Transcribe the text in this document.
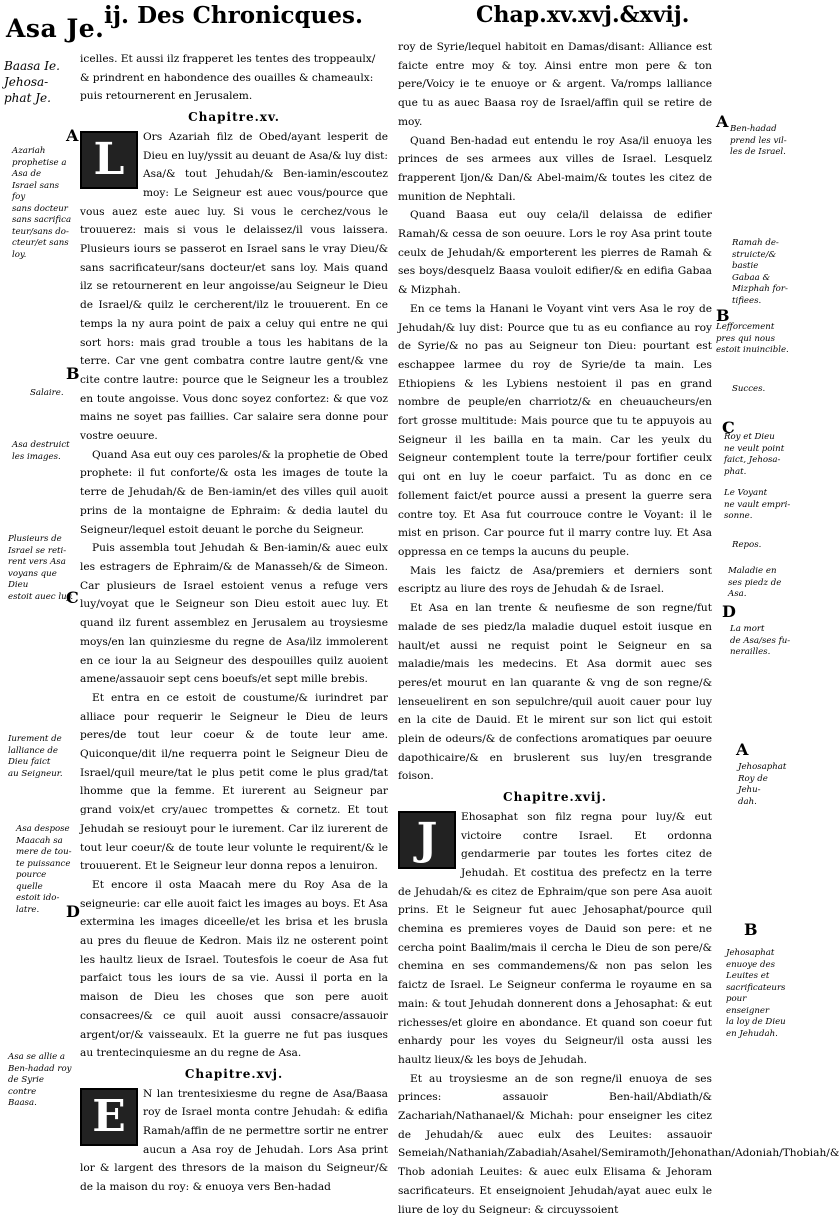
Asa Je. ij. Des Chronicques.	Chap.xv.xvj.&xvij.
Baasa Ie.
Jehosa-
phat Je.
icelles. Et aussi ilz frapperet les tentes des troppeaulx/
& prindrent en habondence des ouailles & chameaulx:
puis retournerent en Jerusalem.
Chapitre.xv.
L	Ors Azariah filz de Obed/ayant lesperit de Dieu en luy/yssit au deuant de Asa/& luy dist: Asa/& tout Jehudah/& Ben-iamin/escoutez moy: Le Seigneur est auec vous/pource que vous auez este auec luy. Si vous le cerchez/vous le trouuerez: mais si vous le delaissez/il vous laissera. Plusieurs iours se passerot en Israel sans le vray Dieu/& sans sacrificateur/sans docteur/et sans loy. Mais quand ilz se retournerent en leur angoisse/au Seigneur le Dieu de Israel/& quilz le cercherent/ilz le trouuerent. En ce temps la ny aura point de paix a celuy qui entre ne qui sort hors: mais grad trouble a tous les habitans de la terre. Car vne gent combatra contre lautre gent/& vne cite contre lautre: pource que le Seigneur les a troublez en toute angoisse. Vous donc soyez confortez: & que voz mains ne soyet pas faillies. Car salaire sera donne pour vostre oeuure.

Quand Asa eut ouy ces paroles/& la prophetie de Obed prophete: il fut conforte/& osta les images de toute la terre de Jehudah/& de Ben-iamin/et des villes quil auoit prins de la montaigne de Ephraim: & dedia lautel du Seigneur/lequel estoit deuant le porche du Seigneur.

Puis assembla tout Jehudah & Ben-iamin/& auec eulx les estragers de Ephraim/& de Manasseh/& de Simeon. Car plusieurs de Israel estoient venus a refuge vers luy/voyat que le Seigneur son Dieu estoit auec luy. Et quand ilz furent assemblez en Jerusalem au troysiesme moys/en lan quinziesme du regne de Asa/ilz immolerent en ce iour la au Seigneur des despouilles quilz auoient amene/assauoir sept cens boeufs/et sept mille brebis.

Et entra en ce estoit de coustume/& iurindret par alliace pour requerir le Seigneur le Dieu de leurs peres/de tout leur coeur & de toute leur ame. Quiconque/dit il/ne requerra point le Seigneur Dieu de Israel/quil meure/tat le plus petit come le plus grad/tat lhomme que la femme. Et iurerent au Seigneur par grand voix/et cry/auec trompettes & cornetz. Et tout Jehudah se resiouyt pour le iurement. Car ilz iurerent de tout leur coeur/& de toute leur volunte le requirent/& le trouuerent. Et le Seigneur leur donna repos a lenuiron.

Et encore il osta Maacah mere du Roy Asa de la seigneurie: car elle auoit faict les images au boys. Et Asa extermina les images diceelle/et les brisa et les brusla au pres du fleuue de Kedron. Mais ilz ne osterent point les haultz lieux de Israel. Toutesfois le coeur de Asa fut parfaict tous les iours de sa vie. Aussi il porta en la maison de Dieu les choses que son pere auoit consacrees/& ce quil auoit aussi consacre/assauoir argent/or/& vaisseaulx. Et la guerre ne fut pas iusques au trentecinquiesme an du regne de Asa.

Chapitre.xvj.
E	N lan trentesixiesme du regne de Asa/Baasa roy de Israel monta contre Jehudah: & edifia Ramah/affin de ne permettre sortir ne entrer aucun a Asa roy de Jehudah. Lors Asa print lor & largent des thresors de la maison du Seigneur/& de la maison du roy: & enuoya vers Ben-hadad

roy de Syrie/lequel habitoit en Damas/disant: Alliance est faicte entre moy & toy. Ainsi entre mon pere & ton pere/Voicy ie te enuoye or & argent. Va/romps lalliance que tu as auec Baasa roy de Israel/affin quil se retire de moy.

Quand Ben-hadad eut entendu le roy Asa/il enuoya les princes de ses armees aux villes de Israel. Lesquelz frapperent Ijon/& Dan/& Abel-maim/& toutes les citez de munition de Nephtali.

Quand Baasa eut ouy cela/il delaissa de edifier Ramah/& cessa de son oeuure. Lors le roy Asa print toute ceulx de Jehudah/& emporterent les pierres de Ramah & ses boys/desquelz Baasa vouloit edifier/& en edifia Gabaa & Mizphah.

En ce tems la Hanani le Voyant vint vers Asa le roy de Jehudah/& luy dist: Pource que tu as eu confiance au roy de Syrie/& no pas au Seigneur ton Dieu: pourtant est eschappee larmee du roy de Syrie/de ta main. Les Ethiopiens & les Lybiens nestoient il pas en grand nombre de peuple/en charriotz/& en cheuaucheurs/en fort grosse multitude: Mais pource que tu te appuyois au Seigneur il les bailla en ta main. Car les yeulx du Seigneur contemplent toute la terre/pour fortifier ceulx qui ont en luy le coeur parfaict. Tu as donc en ce follement faict/et pource aussi a present la guerre sera contre toy. Et Asa fut courrouce contre le Voyant: il le mist en prison. Car pource fut il marry contre luy. Et Asa oppressa en ce temps la aucuns du peuple.

Mais les faictz de Asa/premiers et derniers sont escriptz au liure des roys de Jehudah & de Israel.

Et Asa en lan trente & neufiesme de son regne/fut malade de ses piedz/la maladie duquel estoit iusque en hault/et aussi ne requist point le Seigneur en sa maladie/mais les medecins. Et Asa dormit auec ses peres/et mourut en lan quarante & vng de son regne/& lenseuelirent en son sepulchre/quil auoit cauer pour luy en la cite de Dauid. Et le mirent sur son lict qui estoit plein de odeurs/& de confections aromatiques par oeuure dapothicaire/& en bruslerent sus luy/en tresgrande foison.

Chapitre.xvij.
J	Ehosaphat son filz regna pour luy/& eut victoire contre Israel. Et ordonna gendarmerie par toutes les fortes citez de Jehudah. Et costitua des prefectz en la terre de Jehudah/& es citez de Ephraim/que son pere Asa auoit prins. Et le Seigneur fut auec Jehosaphat/pource quil chemina es premieres voyes de Dauid son pere: et ne cercha point Baalim/mais il cercha le Dieu de son pere/& chemina en ses commandemens/& non pas selon les faictz de Israel. Le Seigneur conferma le royaume en sa main: & tout Jehudah donnerent dons a Jehosaphat: & eut richesses/et gloire en abondance. Et quand son coeur fut enhardy pour les voyes du Seigneur/il osta aussi les haultz lieux/& les boys de Jehudah.

Et au troysiesme an de son regne/il enuoya de ses princes: assauoir Ben-hail/Abdiath/& Zachariah/Nathanael/& Michah: pour enseigner les citez de Jehudah/& auec eulx des Leuites: assauoir Semeiah/Nathaniah/Zabadiah/Asahel/Semiramoth/Jehonathan/Adoniah/Thobiah/& Thob adoniah Leuites: & auec eulx Elisama & Jehoram sacrificateurs. Et enseignoient Jehudah/ayat auec eulx le liure de loy du Seigneur: & circuyssoient

A
B
C
D
A
B
C
D
A
B
Azariah prophetise a Asa de
Israel sans foy
sans docteur
sans sacrifica
teur/sans do-
cteur/et sans
loy.
Salaire.
Asa destruict
les images.
Plusieurs de
Israel se reti-
rent vers Asa
voyans que Dieu
estoit auec luy.
Iurement de
lalliance de
Dieu faict
au Seigneur.
Asa despose
Maacah sa
mere de tou-
te puissance
pource quelle
estoit ido-
latre.
Asa se allie a
Ben-hadad roy
de Syrie contre
Baasa.
Ben-hadad
prend les vil-
les de Israel.
Ramah de-
struicte/& bastie
Gabaa &
Mizphah for-
tifiees.
Lefforcement
pres qui nous
estoit inuincible.
Succes.
Roy et Dieu
ne veult point
faict, Jehosa-
phat.
Le Voyant
ne vault empri-
sonne.
Repos.
Maladie en
ses piedz de
Asa.
La mort
de Asa/ses fu-
nerailles.
Jehosaphat
Roy de Jehu-
dah.
Jehosaphat
enuoye des
Leuites et
sacrificateurs
pour enseigner
la loy de Dieu
en Jehudah.
